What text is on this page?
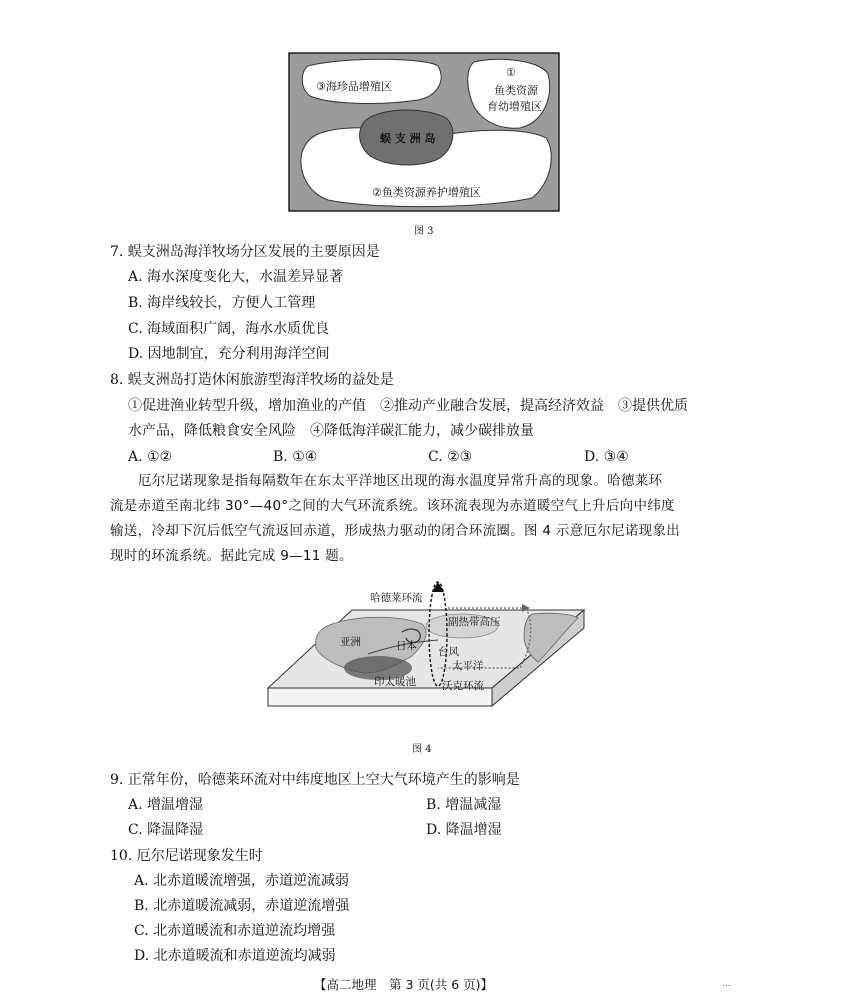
③海珍品增殖区
①
鱼类资源
育幼增殖区
蜈 支 洲 岛
②鱼类资源养护增殖区
图 3
7. 蜈支洲岛海洋牧场分区发展的主要原因是
A. 海水深度变化大，水温差异显著
B. 海岸线较长，方便人工管理
C. 海域面积广阔，海水水质优良
D. 因地制宜，充分利用海洋空间
8. 蜈支洲岛打造休闲旅游型海洋牧场的益处是
①促进渔业转型升级，增加渔业的产值　②推动产业融合发展，提高经济效益　③提供优质
水产品，降低粮食安全风险　④降低海洋碳汇能力，减少碳排放量
A. ①②	B. ①④	C. ②③	D. ③④
厄尔尼诺现象是指每隔数年在东太平洋地区出现的海水温度异常升高的现象。哈德莱环
流是赤道至南北纬 30°—40°之间的大气环流系统。该环流表现为赤道暖空气上升后向中纬度
输送，冷却下沉后低空气流返回赤道，形成热力驱动的闭合环流圈。图 4 示意厄尔尼诺现象出
现时的环流系统。据此完成 9—11 题。
哈德莱环流
副热带高压
亚洲	日本 台风
太平洋
印太暖池 沃克环流
图 4
9. 正常年份，哈德莱环流对中纬度地区上空大气环境产生的影响是
A. 增温增湿	B. 增温减湿
C. 降温降湿	D. 降温增湿
10. 厄尔尼诺现象发生时
A. 北赤道暖流增强，赤道逆流减弱
B. 北赤道暖流减弱，赤道逆流增强
C. 北赤道暖流和赤道逆流均增强
D. 北赤道暖流和赤道逆流均减弱
【高二地理　第 3 页(共 6 页)】	...
